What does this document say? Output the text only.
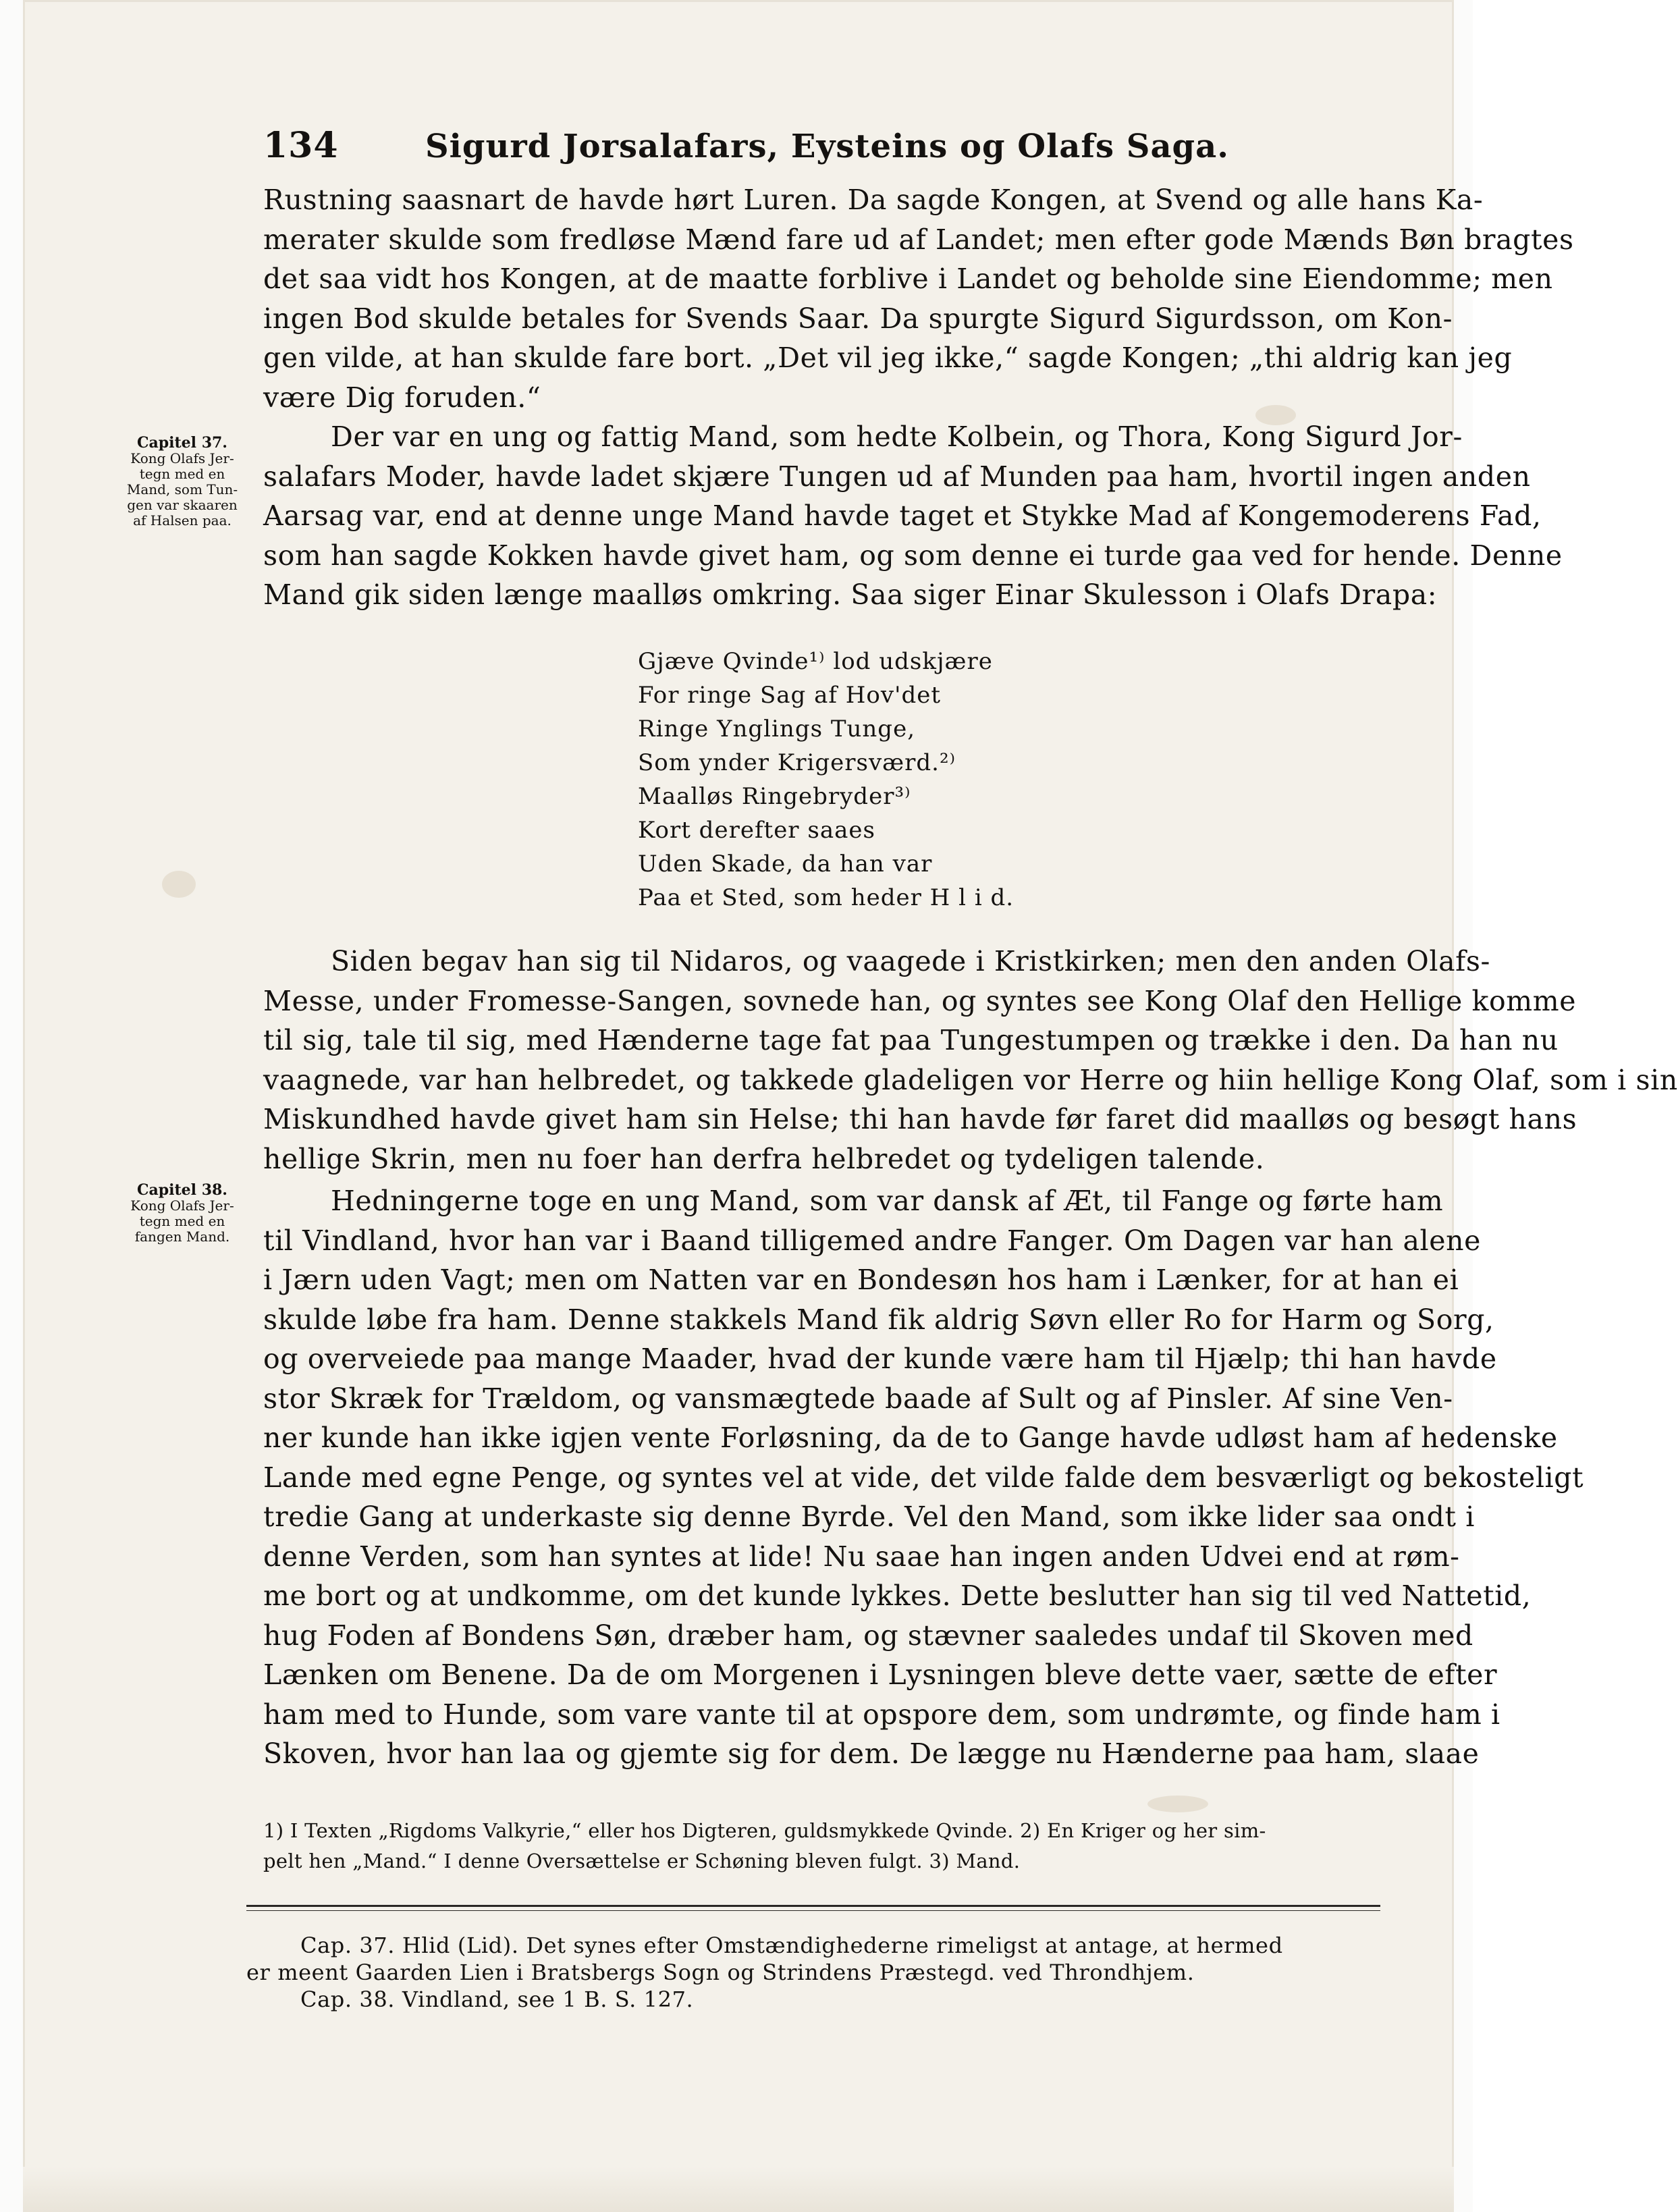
134	Sigurd Jorsalafars, Eysteins og Olafs Saga.
Rustning saasnart de havde hørt Luren. Da sagde Kongen, at Svend og alle hans Ka-
merater skulde som fredløse Mænd fare ud af Landet; men efter gode Mænds Bøn bragtes
det saa vidt hos Kongen, at de maatte forblive i Landet og beholde sine Eiendomme; men
ingen Bod skulde betales for Svends Saar. Da spurgte Sigurd Sigurdsson, om Kon-
gen vilde, at han skulde fare bort. „Det vil jeg ikke,“ sagde Kongen; „thi aldrig kan jeg
være Dig foruden.“
Der var en ung og fattig Mand, som hedte Kolbein, og Thora, Kong Sigurd Jor-
salafars Moder, havde ladet skjære Tungen ud af Munden paa ham, hvortil ingen anden
Aarsag var, end at denne unge Mand havde taget et Stykke Mad af Kongemoderens Fad,
som han sagde Kokken havde givet ham, og som denne ei turde gaa ved for hende. Denne
Mand gik siden længe maalløs omkring. Saa siger Einar Skulesson i Olafs Drapa:
Gjæve Qvinde¹⁾ lod udskjære
For ringe Sag af Hov'det
Ringe Ynglings Tunge,
Som ynder Krigersværd.²⁾
Maalløs Ringebryder³⁾
Kort derefter saaes
Uden Skade, da han var
Paa et Sted, som heder H l i d.
Siden begav han sig til Nidaros, og vaagede i Kristkirken; men den anden Olafs-
Messe, under Fromesse-Sangen, sovnede han, og syntes see Kong Olaf den Hellige komme
til sig, tale til sig, med Hænderne tage fat paa Tungestumpen og trække i den. Da han nu
vaagnede, var han helbredet, og takkede gladeligen vor Herre og hiin hellige Kong Olaf, som i sin
Miskundhed havde givet ham sin Helse; thi han havde før faret did maalløs og besøgt hans
hellige Skrin, men nu foer han derfra helbredet og tydeligen talende.
Hedningerne toge en ung Mand, som var dansk af Æt, til Fange og førte ham
til Vindland, hvor han var i Baand tilligemed andre Fanger. Om Dagen var han alene
i Jærn uden Vagt; men om Natten var en Bondesøn hos ham i Lænker, for at han ei
skulde løbe fra ham. Denne stakkels Mand fik aldrig Søvn eller Ro for Harm og Sorg,
og overveiede paa mange Maader, hvad der kunde være ham til Hjælp; thi han havde
stor Skræk for Trældom, og vansmægtede baade af Sult og af Pinsler. Af sine Ven-
ner kunde han ikke igjen vente Forløsning, da de to Gange havde udløst ham af hedenske
Lande med egne Penge, og syntes vel at vide, det vilde falde dem besværligt og bekosteligt
tredie Gang at underkaste sig denne Byrde. Vel den Mand, som ikke lider saa ondt i
denne Verden, som han syntes at lide! Nu saae han ingen anden Udvei end at røm-
me bort og at undkomme, om det kunde lykkes. Dette beslutter han sig til ved Nattetid,
hug Foden af Bondens Søn, dræber ham, og stævner saaledes undaf til Skoven med
Lænken om Benene. Da de om Morgenen i Lysningen bleve dette vaer, sætte de efter
ham med to Hunde, som vare vante til at opspore dem, som undrømte, og finde ham i
Skoven, hvor han laa og gjemte sig for dem. De lægge nu Hænderne paa ham, slaae
Capitel 37.
Kong Olafs Jer-
tegn med en
Mand, som Tun-
gen var skaaren
af Halsen paa.
Capitel 38.
Kong Olafs Jer-
tegn med en
fangen Mand.
1) I Texten „Rigdoms Valkyrie,“ eller hos Digteren, guldsmykkede Qvinde. 2) En Kriger og her sim-
pelt hen „Mand.“ I denne Oversættelse er Schøning bleven fulgt. 3) Mand.
Cap. 37. Hlid (Lid). Det synes efter Omstændighederne rimeligst at antage, at hermed
er meent Gaarden Lien i Bratsbergs Sogn og Strindens Præstegd. ved Throndhjem.
Cap. 38. Vindland, see 1 B. S. 127.
